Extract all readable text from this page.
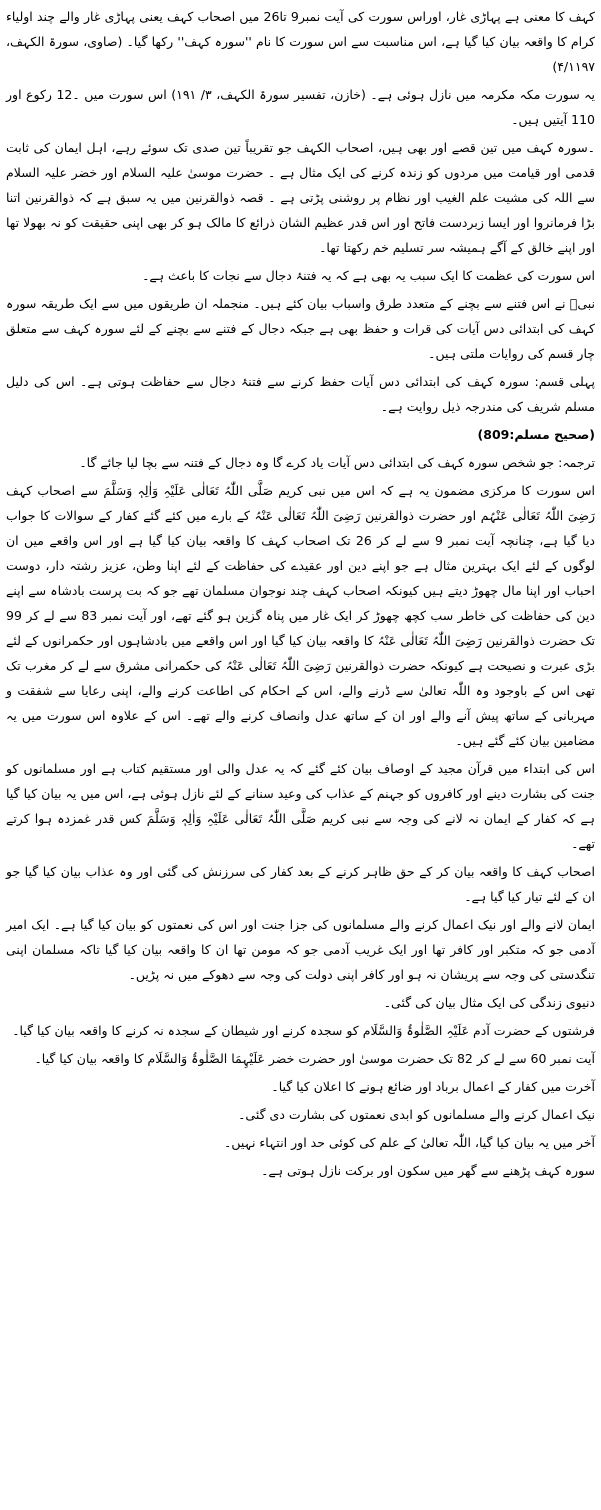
کہف کا معنی ہے پہاڑی غار، اوراس سورت کی آیت نمبر9 تا26 میں اصحاب کہف یعنی پہاڑی غار والے چند اولیاء کرام کا واقعہ بیان کیا گیا ہے، اس مناسبت سے اس سورت کا نام ''سورہ کہف'' رکھا گیا۔ (صاوی، سورۃ الکہف، ۴/۱۱۹۷)

یہ سورت مکہ مکرمہ میں نازل ہوئی ہے۔ (خازن، تفسیر سورۃ الکہف، ۳/ ۱۹۱) اس سورت میں ۔12 رکوع اور 110 آیتیں ہیں۔

۔سورہ کہف میں تین قصے اور بھی ہیں، اصحاب الکہف جو تقریباً تین صدی تک سوئے رہے، اہل ایمان کی ثابت قدمی اور قیامت میں مردوں کو زندہ کرنے کی ایک مثال ہے ۔ حضرت موسیٰ علیہ السلام اور خضر علیہ السلام سے اللہ کی مشیت علم الغیب اور نظام پر روشنی پڑتی ہے ۔ قصہ ذوالقرنین میں یہ سبق ہے کہ ذوالقرنین اتنا بڑا فرمانروا اور ایسا زبردست فاتح اور اس قدر عظیم الشان ذرائع کا مالک ہو کر بھی اپنی حقیقت کو نہ بھولا تھا اور اپنے خالق کے آگے ہمیشہ سر تسلیم خم رکھتا تھا۔

اس سورت کی عظمت کا ایک سبب یہ بھی ہے کہ یہ فتنۂ دجال سے نجات کا باعث ہے۔

نبیؐ نے اس فتنے سے بچنے کے متعدد طرق واسباب بیان کئے ہیں۔ منجملہ ان طریقوں میں سے ایک طریقہ سورہ کہف کی ابتدائی دس آیات کی قرات و حفظ بھی ہے جبکہ دجال کے فتنے سے بچنے کے لئے سورہ کہف سے متعلق چار قسم کی روایات ملتی ہیں۔

پہلی قسم: سورہ کہف کی ابتدائی دس آیات حفظ کرنے سے فتنۂ دجال سے حفاظت ہوتی ہے۔ اس کی دلیل مسلم شریف کی مندرجہ ذیل روایت ہے۔

(صحیح مسلم:809)

ترجمہ: جو شخص سورہ کہف کی ابتدائی دس آیات یاد کرے گا وہ دجال کے فتنہ سے بچا لیا جائے گا۔

اس سورت کا مرکزی مضمون یہ ہے کہ اس میں نبی کریم صَلَّی اللّٰہُ تَعَالٰی عَلَیْہِ وَاٰلِہٖ وَسَلَّمَ سے اصحاب کہف رَضِیَ اللّٰہُ تَعَالٰی عَنْہُم اور حضرت ذوالقرنین رَضِیَ اللّٰہُ تَعَالٰی عَنْہُ کے بارے میں کئے گئے کفار کے سوالات کا جواب دیا گیا ہے، چنانچہ آیت نمبر 9 سے لے کر 26 تک اصحاب کہف کا واقعہ بیان کیا گیا ہے اور اس واقعے میں ان لوگوں کے لئے ایک بہترین مثال ہے جو اپنے دین اور عقیدے کی حفاظت کے لئے اپنا وطن، عزیز رشتہ دار، دوست احباب اور اپنا مال چھوڑ دیتے ہیں کیونکہ اصحاب کہف چند نوجوان مسلمان تھے جو کہ بت پرست بادشاہ سے اپنے دین کی حفاظت کی خاطر سب کچھ چھوڑ کر ایک غار میں پناہ گزین ہو گئے تھے، اور آیت نمبر 83 سے لے کر 99 تک حضرت ذوالقرنین رَضِیَ اللّٰہُ تَعَالٰی عَنْہُ کا واقعہ بیان کیا گیا اور اس واقعے میں بادشاہوں اور حکمرانوں کے لئے بڑی عبرت و نصیحت ہے کیونکہ حضرت ذوالقرنین رَضِیَ اللّٰہُ تَعَالٰی عَنْہُ کی حکمرانی مشرق سے لے کر مغرب تک تھی اس کے باوجود وہ اللّٰہ تعالیٰ سے ڈرنے والے، اس کے احکام کی اطاعت کرنے والے، اپنی رعایا سے شفقت و مہربانی کے ساتھ پیش آنے والے اور ان کے ساتھ عدل وانصاف کرنے والے تھے۔ اس کے علاوہ اس سورت میں یہ مضامین بیان کئے گئے ہیں۔

اس کی ابتداء میں قرآن مجید کے اوصاف بیان کئے گئے کہ یہ عدل والی اور مستقیم کتاب ہے اور مسلمانوں کو جنت کی بشارت دینے اور کافروں کو جہنم کے عذاب کی وعید سنانے کے لئے نازل ہوئی ہے، اس میں یہ بیان کیا گیا ہے کہ کفار کے ایمان نہ لانے کی وجہ سے نبی کریم صَلَّی اللّٰہُ تَعَالٰی عَلَیْہِ وَاٰلِہٖ وَسَلَّمَ کس قدر غمزدہ ہوا کرتے تھے۔

اصحاب کہف کا واقعہ بیان کر کے حق ظاہر کرنے کے بعد کفار کی سرزنش کی گئی اور وہ عذاب بیان کیا گیا جو ان کے لئے تیار کیا گیا ہے۔

ایمان لانے والے اور نیک اعمال کرنے والے مسلمانوں کی جزا جنت اور اس کی نعمتوں کو بیان کیا گیا ہے۔ ایک امیر آدمی جو کہ متکبر اور کافر تھا اور ایک غریب آدمی جو کہ مومن تھا ان کا واقعہ بیان کیا گیا تاکہ مسلمان اپنی تنگدستی کی وجہ سے پریشان نہ ہو اور کافر اپنی دولت کی وجہ سے دھوکے میں نہ پڑیں۔

دنیوی زندگی کی ایک مثال بیان کی گئی۔

فرشتوں کے حضرت آدم عَلَیْہِ الصَّلٰوۃُ وَالسَّلَام کو سجدہ کرنے اور شیطان کے سجدہ نہ کرنے کا واقعہ بیان کیا گیا۔

آیت نمبر 60 سے لے کر 82 تک حضرت موسیٰ اور حضرت خضر عَلَیْہِمَا الصَّلٰوۃُ وَالسَّلَام کا واقعہ بیان کیا گیا۔

آخرت میں کفار کے اعمال برباد اور ضائع ہونے کا اعلان کیا گیا۔

نیک اعمال کرنے والے مسلمانوں کو ابدی نعمتوں کی بشارت دی گئی۔

آخر میں یہ بیان کیا گیا، اللّٰہ تعالیٰ کے علم کی کوئی حد اور انتہاء نہیں۔

سورہ کہف پڑھنے سے گھر میں سکون اور برکت نازل ہوتی ہے۔
